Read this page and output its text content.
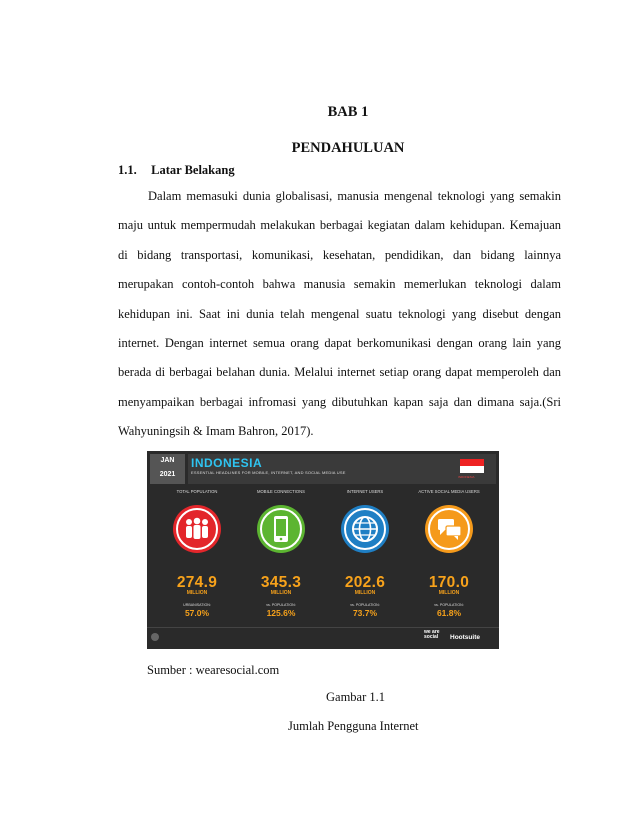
BAB 1
PENDAHULUAN
1.1. Latar Belakang

Dalam memasuki dunia globalisasi, manusia mengenal teknologi yang semakin maju untuk mempermudah melakukan berbagai kegiatan dalam kehidupan. Kemajuan di bidang transportasi, komunikasi, kesehatan, pendidikan, dan bidang lainnya merupakan contoh-contoh bahwa manusia semakin memerlukan teknologi dalam kehidupan ini. Saat ini dunia telah mengenal suatu teknologi yang disebut dengan internet. Dengan internet semua orang dapat berkomunikasi dengan orang lain yang berada di berbagai belahan dunia. Melalui internet setiap orang dapat memperoleh dan menyampaikan berbagai infromasi yang dibutuhkan kapan saja dan dimana saja.(Sri Wahyuningsih & Imam Bahron, 2017).

JAN
2021
INDONESIA
ESSENTIAL HEADLINES FOR MOBILE, INTERNET, AND SOCIAL MEDIA USE
INDONESIA
TOTAL POPULATION
274.9
MILLION
URBANISATION:
57.0%
MOBILE CONNECTIONS
345.3
MILLION
vs. POPULATION:
125.6%
INTERNET USERS
202.6
MILLION
vs. POPULATION:
73.7%
ACTIVE SOCIAL MEDIA USERS
170.0
MILLION
vs. POPULATION:
61.8%
we are social	Hootsuite
Sumber : wearesocial.com
Gambar 1.1
Jumlah Pengguna Internet
